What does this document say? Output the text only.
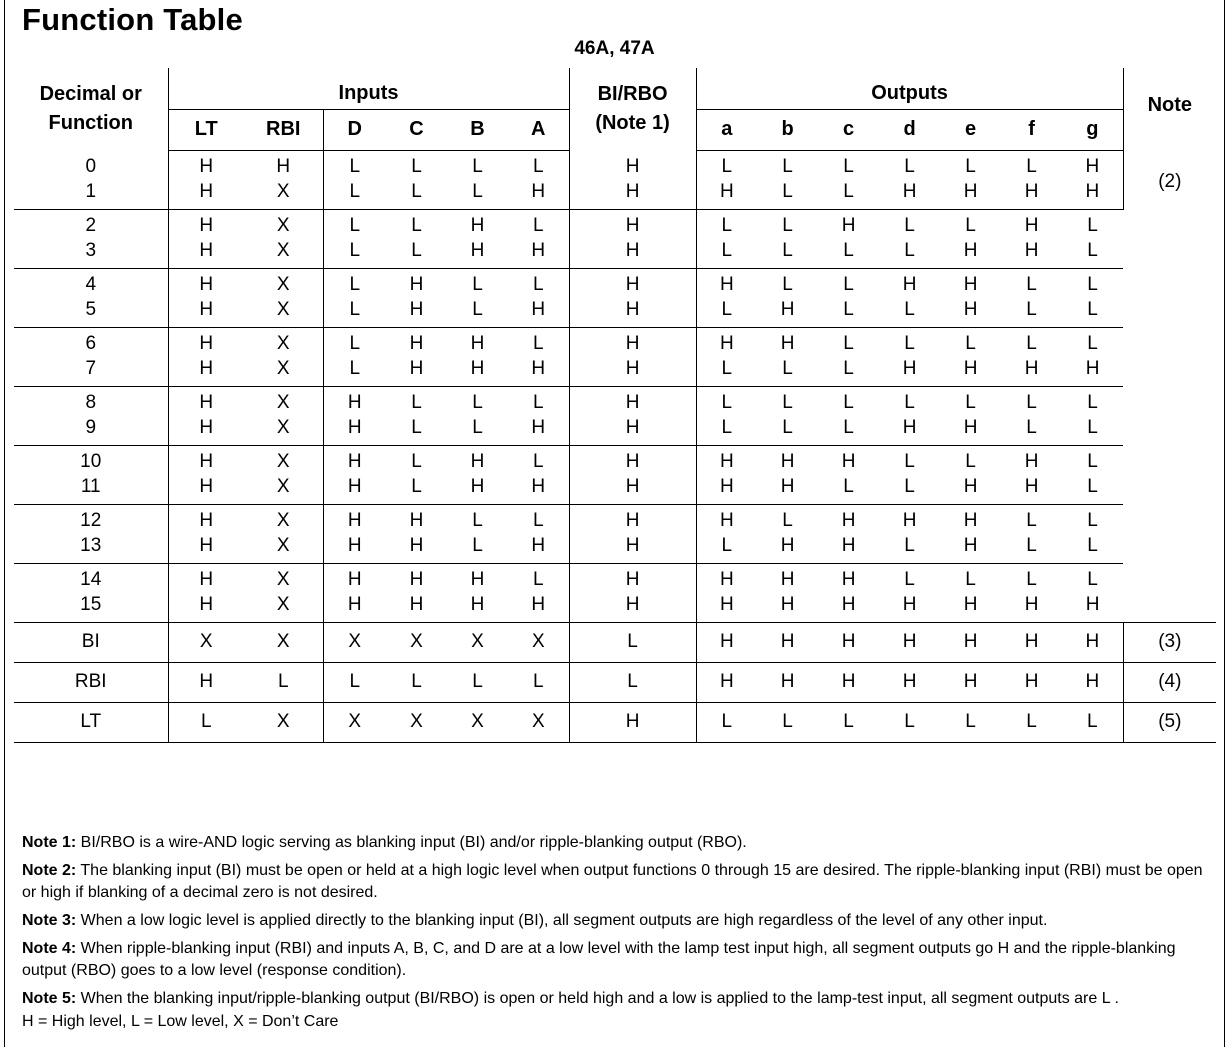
Function Table
46A, 47A
Decimal or Function	Inputs						BI/RBO
(Note 1)	Outputs							Note
	LT	RBI	D	C	B	A		a	b	c	d	e	f	g	
0	H	H	L	L	L	L	H	L	L	L	L	L	L	H	(2)
1	H	X	L	L	L	H	H	H	L	L	H	H	H	H	
2	H	X	L	L	H	L	H	L	L	H	L	L	H	L	
3	H	X	L	L	H	H	H	L	L	L	L	H	H	L	
4	H	X	L	H	L	L	H	H	L	L	H	H	L	L	
5	H	X	L	H	L	H	H	L	H	L	L	H	L	L	
6	H	X	L	H	H	L	H	H	H	L	L	L	L	L	
7	H	X	L	H	H	H	H	L	L	L	H	H	H	H	
8	H	X	H	L	L	L	H	L	L	L	L	L	L	L	
9	H	X	H	L	L	H	H	L	L	L	H	H	L	L	
10	H	X	H	L	H	L	H	H	H	H	L	L	H	L	
11	H	X	H	L	H	H	H	H	H	L	L	H	H	L	
12	H	X	H	H	L	L	H	H	L	H	H	H	L	L	
13	H	X	H	H	L	H	H	L	H	H	L	H	L	L	
14	H	X	H	H	H	L	H	H	H	H	L	L	L	L	
15	H	X	H	H	H	H	H	H	H	H	H	H	H	H	
BI	X	X	X	X	X	X	L	H	H	H	H	H	H	H	(3)
RBI	H	L	L	L	L	L	L	H	H	H	H	H	H	H	(4)
LT	L	X	X	X	X	X	H	L	L	L	L	L	L	L	(5)

Note 1: BI/RBO is a wire-AND logic serving as blanking input (BI) and/or ripple-blanking output (RBO).

Note 2: The blanking input (BI) must be open or held at a high logic level when output functions 0 through 15 are desired. The ripple-blanking input (RBI) must be open or high if blanking of a decimal zero is not desired.

Note 3: When a low logic level is applied directly to the blanking input (BI), all segment outputs are high regardless of the level of any other input.

Note 4: When ripple-blanking input (RBI) and inputs A, B, C, and D are at a low level with the lamp test input high, all segment outputs go H and the ripple-blanking output (RBO) goes to a low level (response condition).

Note 5: When the blanking input/ripple-blanking output (BI/RBO) is open or held high and a low is applied to the lamp-test input, all segment outputs are L .

H = High level, L = Low level, X = Don’t Care
